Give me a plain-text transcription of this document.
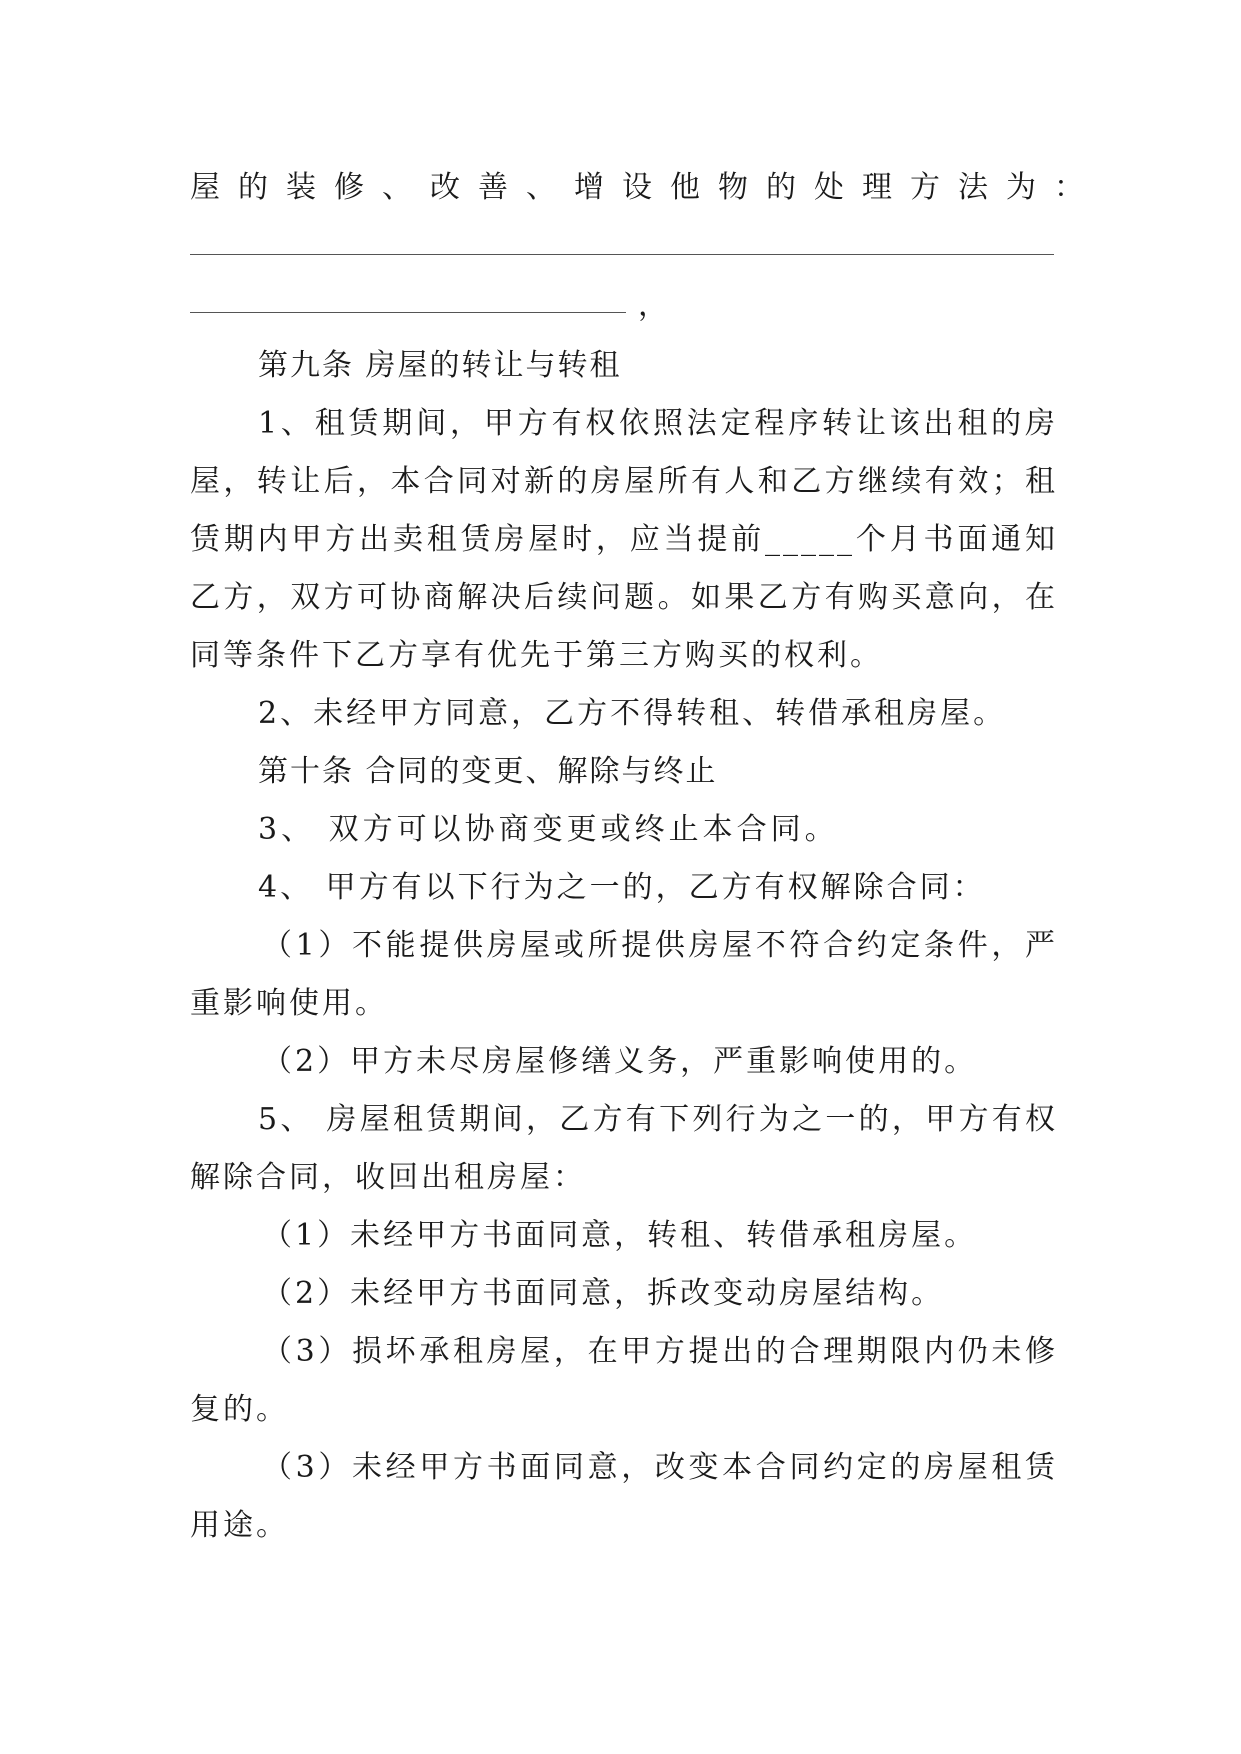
屋的装修、改善、增设他物的处理方法为：
，
第九条 房屋的转让与转租
1、租赁期间，甲方有权依照法定程序转让该出租的房
屋，转让后，本合同对新的房屋所有人和乙方继续有效；租
赁期内甲方出卖租赁房屋时，应当提前_____个月书面通知
乙方，双方可协商解决后续问题。如果乙方有购买意向，在
同等条件下乙方享有优先于第三方购买的权利。
2、未经甲方同意，乙方不得转租、转借承租房屋。
第十条 合同的变更、解除与终止
3、 双方可以协商变更或终止本合同。
4、 甲方有以下行为之一的，乙方有权解除合同：
（1）不能提供房屋或所提供房屋不符合约定条件，严
重影响使用。
（2）甲方未尽房屋修缮义务，严重影响使用的。
5、 房屋租赁期间，乙方有下列行为之一的，甲方有权
解除合同，收回出租房屋：
（1）未经甲方书面同意，转租、转借承租房屋。
（2）未经甲方书面同意，拆改变动房屋结构。
（3）损坏承租房屋，在甲方提出的合理期限内仍未修
复的。
（3）未经甲方书面同意，改变本合同约定的房屋租赁
用途。
